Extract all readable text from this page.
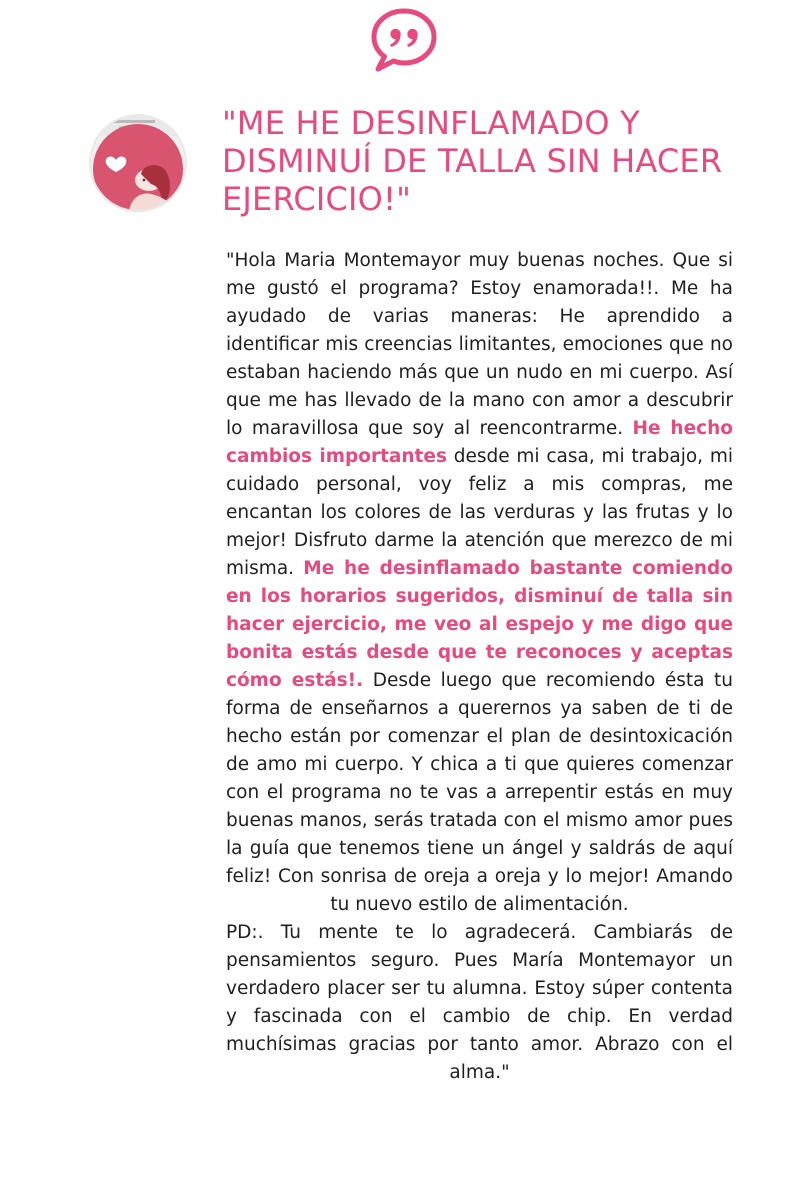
"ME HE DESINFLAMADO Y DISMINUÍ DE TALLA SIN HACER EJERCICIO!"

"Hola Maria Montemayor muy buenas noches. Que si me gustó el programa? Estoy enamorada!!. Me ha ayudado de varias maneras: He aprendido a identificar mis creencias limitantes, emociones que no estaban haciendo más que un nudo en mi cuerpo. Así que me has llevado de la mano con amor a descubrir lo maravillosa que soy al reencontrarme. He hecho cambios importantes desde mi casa, mi trabajo, mi cuidado personal, voy feliz a mis compras, me encantan los colores de las verduras y las frutas y lo mejor! Disfruto darme la atención que merezco de mi misma. Me he desinflamado bastante comiendo en los horarios sugeridos, disminuí de talla sin hacer ejercicio, me veo al espejo y me digo que bonita estás desde que te reconoces y aceptas cómo estás!. Desde luego que recomiendo ésta tu forma de enseñarnos a querernos ya saben de ti de hecho están por comenzar el plan de desintoxicación de amo mi cuerpo. Y chica a ti que quieres comenzar con el programa no te vas a arrepentir estás en muy buenas manos, serás tratada con el mismo amor pues la guía que tenemos tiene un ángel y saldrás de aquí feliz! Con sonrisa de oreja a oreja y lo mejor! Amando tu nuevo estilo de alimentación.
PD:. Tu mente te lo agradecerá. Cambiarás de pensamientos seguro. Pues María Montemayor un verdadero placer ser tu alumna. Estoy súper contenta y fascinada con el cambio de chip. En verdad muchísimas gracias por tanto amor. Abrazo con el alma."
